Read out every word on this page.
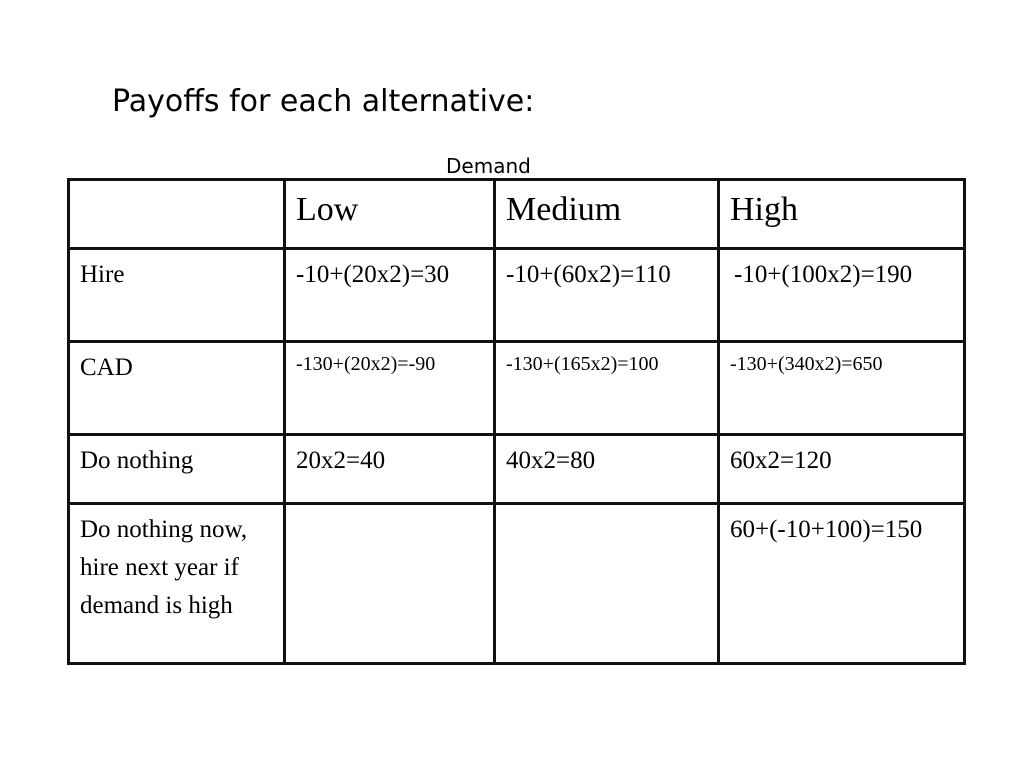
Payoffs for each alternative:
Demand
	Low	Medium	High
Hire	-10+(20x2)=30	-10+(60x2)=110	-10+(100x2)=190
CAD	-130+(20x2)=-90	-130+(165x2)=100	-130+(340x2)=650
Do nothing	20x2=40	40x2=80	60x2=120
Do nothing now, hire next year if demand is high			60+(-10+100)=150
